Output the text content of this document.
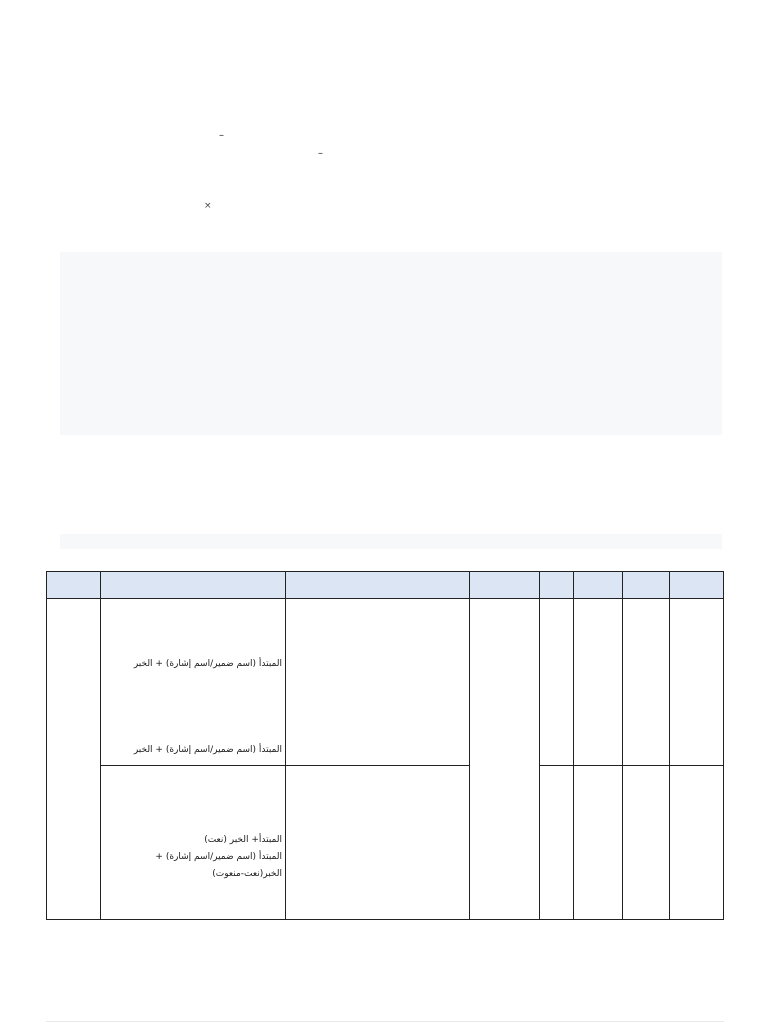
–
–
×

	المبتدأ (اسم ضمير/اسم إشارة) + الخبر
المبتدأ (اسم ضمير/اسم إشارة) + الخبر						

	المبتدأ+ الخبر (نعت)
المبتدأ (اسم ضمير/اسم إشارة) +
الخبر(نعت-منعوت)						
